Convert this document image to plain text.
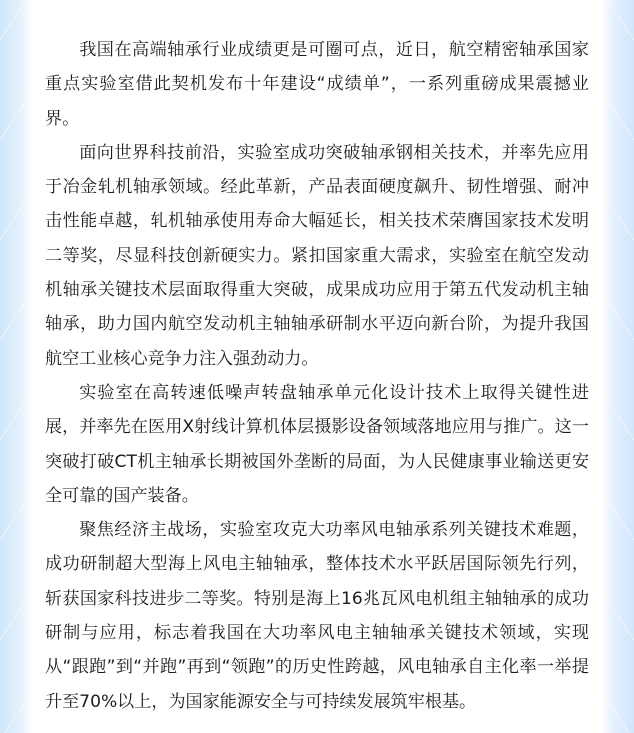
我国在高端轴承行业成绩更是可圈可点，近日，航空精密轴承国家重点实验室借此契机发布十年建设“成绩单”，一系列重磅成果震撼业界。

面向世界科技前沿，实验室成功突破轴承钢相关技术，并率先应用于冶金轧机轴承领域。经此革新，产品表面硬度飙升、韧性增强、耐冲击性能卓越，轧机轴承使用寿命大幅延长，相关技术荣膺国家技术发明二等奖，尽显科技创新硬实力。紧扣国家重大需求，实验室在航空发动机轴承关键技术层面取得重大突破，成果成功应用于第五代发动机主轴轴承，助力国内航空发动机主轴轴承研制水平迈向新台阶，为提升我国航空工业核心竞争力注入强劲动力。

实验室在高转速低噪声转盘轴承单元化设计技术上取得关键性进展，并率先在医用X射线计算机体层摄影设备领域落地应用与推广。这一突破打破CT机主轴承长期被国外垄断的局面，为人民健康事业输送更安全可靠的国产装备。

聚焦经济主战场，实验室攻克大功率风电轴承系列关键技术难题，成功研制超大型海上风电主轴轴承，整体技术水平跃居国际领先行列，斩获国家科技进步二等奖。特别是海上16兆瓦风电机组主轴轴承的成功研制与应用，标志着我国在大功率风电主轴轴承关键技术领域，实现从“跟跑”到“并跑”再到“领跑”的历史性跨越，风电轴承自主化率一举提升至70%以上，为国家能源安全与可持续发展筑牢根基。
